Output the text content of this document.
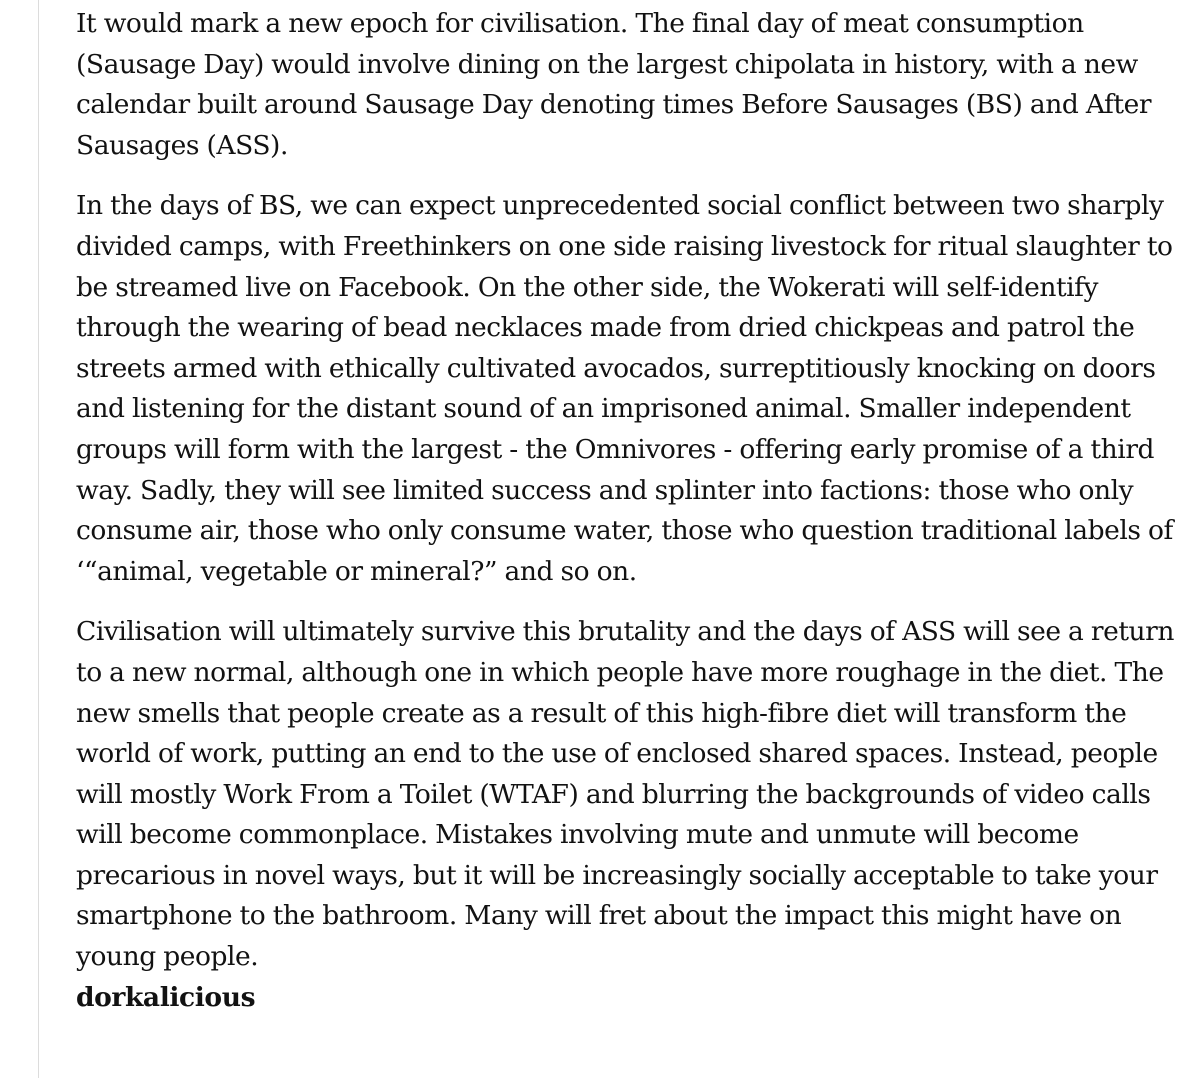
It would mark a new epoch for civilisation. The final day of meat consumption (Sausage Day) would involve dining on the largest chipolata in history, with a new calendar built around Sausage Day denoting times Before Sausages (BS) and After Sausages (ASS).

In the days of BS, we can expect unprecedented social conflict between two sharply divided camps, with Freethinkers on one side raising livestock for ritual slaughter to be streamed live on Facebook. On the other side, the Wokerati will self-identify through the wearing of bead necklaces made from dried chickpeas and patrol the streets armed with ethically cultivated avocados, surreptitiously knocking on doors and listening for the distant sound of an imprisoned animal. Smaller independent groups will form with the largest - the Omnivores - offering early promise of a third way. Sadly, they will see limited success and splinter into factions: those who only consume air, those who only consume water, those who question traditional labels of ‘“animal, vegetable or mineral?” and so on.

Civilisation will ultimately survive this brutality and the days of ASS will see a return to a new normal, although one in which people have more roughage in the diet. The new smells that people create as a result of this high-fibre diet will transform the world of work, putting an end to the use of enclosed shared spaces. Instead, people will mostly Work From a Toilet (WTAF) and blurring the backgrounds of video calls will become commonplace. Mistakes involving mute and unmute will become precarious in novel ways, but it will be increasingly socially acceptable to take your smartphone to the bathroom. Many will fret about the impact this might have on young people.

dorkalicious
